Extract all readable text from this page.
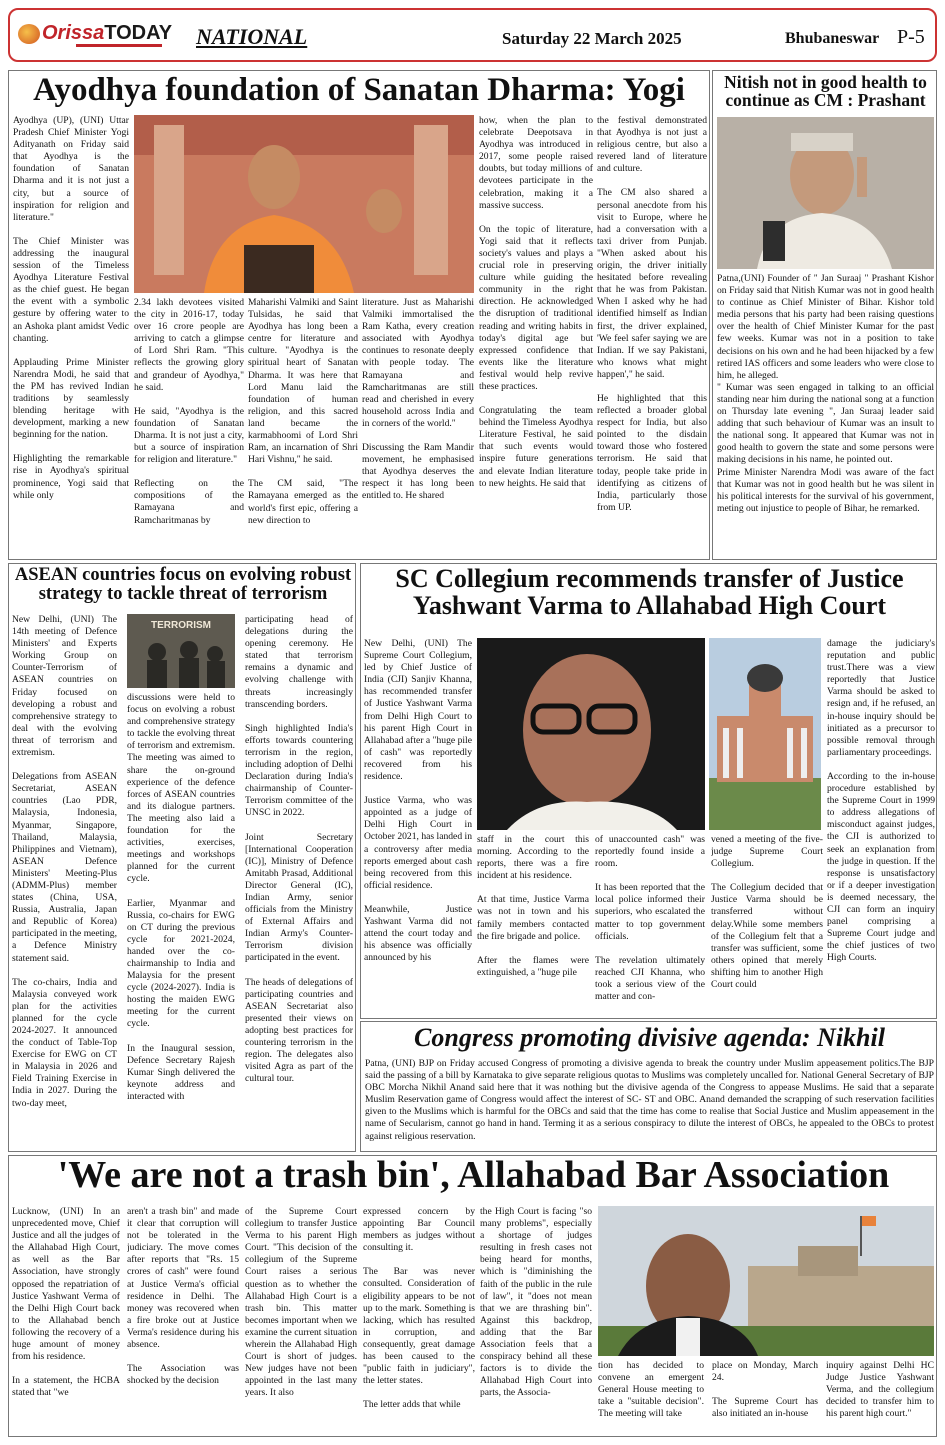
OrissaTODAY NATIONAL	Saturday 22 March 2025	Bhubaneswar P-5
Ayodhya foundation of Sanatan Dharma: Yogi

Ayodhya (UP), (UNI) Uttar Pradesh Chief Minister Yogi Adityanath on Friday said that Ayodhya is the foundation of Sanatan Dharma and it is not just a city, but a source of inspiration for religion and literature."

The Chief Minister was addressing the inaugural session of the Timeless Ayodhya Literature Festival as the chief guest. He began the event with a symbolic gesture by offering water to an Ashoka plant amidst Vedic chanting.

Applauding Prime Minister Narendra Modi, he said that the PM has revived Indian traditions by seamlessly blending heritage with development, marking a new beginning for the nation.

Highlighting the remarkable rise in Ayodhya's spiritual prominence, Yogi said that while only

2.34 lakh devotees visited the city in 2016-17, today over 16 crore people are arriving to catch a glimpse of Lord Shri Ram. "This reflects the growing glory and grandeur of Ayodhya," he said.

He said, "Ayodhya is the foundation of Sanatan Dharma. It is not just a city, but a source of inspiration for religion and literature."

Reflecting on the compositions of the Ramayana and Ramcharitmanas by

Maharishi Valmiki and Saint Tulsidas, he said that Ayodhya has long been a centre for literature and culture. "Ayodhya is the spiritual heart of Sanatan Dharma. It was here that Lord Manu laid the foundation of human religion, and this sacred land became the karmabhoomi of Lord Shri Ram, an incarnation of Shri Hari Vishnu," he said.

The CM said, "The Ramayana emerged as the world's first epic, offering a new direction to

literature. Just as Maharishi Valmiki immortalised the Ram Katha, every creation associated with Ayodhya continues to resonate deeply with people today. The Ramayana and Ramcharitmanas are still read and cherished in every household across India and in corners of the world."

Discussing the Ram Mandir movement, he emphasised that Ayodhya deserves the respect it has long been entitled to. He shared

how, when the plan to celebrate Deepotsava in Ayodhya was introduced in 2017, some people raised doubts, but today millions of devotees participate in the celebration, making it a massive success.

On the topic of literature, Yogi said that it reflects society's values and plays a crucial role in preserving culture while guiding the community in the right direction. He acknowledged the disruption of traditional reading and writing habits in today's digital age but expressed confidence that events like the literature festival would help revive these practices.

Congratulating the team behind the Timeless Ayodhya Literature Festival, he said that such events would inspire future generations and elevate Indian literature to new heights. He said that

the festival demonstrated that Ayodhya is not just a religious centre, but also a revered land of literature and culture.

The CM also shared a personal anecdote from his visit to Europe, where he had a conversation with a taxi driver from Punjab. "When asked about his origin, the driver initially hesitated before revealing that he was from Pakistan. When I asked why he had identified himself as Indian first, the driver explained, 'We feel safer saying we are Indian. If we say Pakistani, who knows what might happen'," he said.

He highlighted that this reflected a broader global respect for India, but also pointed to the disdain toward those who fostered terrorism. He said that today, people take pride in identifying as citizens of India, particularly those from UP.

Nitish not in good health to continue as CM : Prashant

Patna,(UNI) Founder of " Jan Suraaj " Prashant Kishor on Friday said that Nitish Kumar was not in good health to continue as Chief Minister of Bihar. Kishor told media persons that his party had been raising questions over the health of Chief Minister Kumar for the past few weeks. Kumar was not in a position to take decisions on his own and he had been hijacked by a few retired IAS officers and some leaders who were close to him, he alleged.

" Kumar was seen engaged in talking to an official standing near him during the national song at a function on Thursday late evening ", Jan Suraaj leader said adding that such behaviour of Kumar was an insult to the national song. It appeared that Kumar was not in good health to govern the state and some persons were making decisions in his name, he pointed out.

Prime Minister Narendra Modi was aware of the fact that Kumar was not in good health but he was silent in his political interests for the survival of his government, meting out injustice to people of Bihar, he remarked.

ASEAN countries focus on evolving robust strategy to tackle threat of terrorism

New Delhi, (UNI) The 14th meeting of Defence Ministers' and Experts Working Group on Counter-Terrorism of ASEAN countries on Friday focused on developing a robust and comprehensive strategy to deal with the evolving threat of terrorism and extremism.

Delegations from ASEAN Secretariat, ASEAN countries (Lao PDR, Malaysia, Indonesia, Myanmar, Singapore, Thailand, Malaysia, Philippines and Vietnam), ASEAN Defence Ministers' Meeting-Plus (ADMM-Plus) member states (China, USA, Russia, Australia, Japan and Republic of Korea) participated in the meeting, a Defence Ministry statement said.

The co-chairs, India and Malaysia conveyed work plan for the activities planned for the cycle 2024-2027. It announced the conduct of Table-Top Exercise for EWG on CT in Malaysia in 2026 and Field Training Exercise in India in 2027. During the two-day meet,

TERRORISM

discussions were held to focus on evolving a robust and comprehensive strategy to tackle the evolving threat of terrorism and extremism. The meeting was aimed to share the on-ground experience of the defence forces of ASEAN countries and its dialogue partners. The meeting also laid a foundation for the activities, exercises, meetings and workshops planned for the current cycle.

Earlier, Myanmar and Russia, co-chairs for EWG on CT during the previous cycle for 2021-2024, handed over the co-chairmanship to India and Malaysia for the present cycle (2024-2027). India is hosting the maiden EWG meeting for the current cycle.

In the Inaugural session, Defence Secretary Rajesh Kumar Singh delivered the keynote address and interacted with

participating head of delegations during the opening ceremony. He stated that terrorism remains a dynamic and evolving challenge with threats increasingly transcending borders.

Singh highlighted India's efforts towards countering terrorism in the region, including adoption of Delhi Declaration during India's chairmanship of Counter-Terrorism committee of the UNSC in 2022.

Joint Secretary [International Cooperation (IC)], Ministry of Defence Amitabh Prasad, Additional Director General (IC), Indian Army, senior officials from the Ministry of External Affairs and Indian Army's Counter-Terrorism division participated in the event.

The heads of delegations of participating countries and ASEAN Secretariat also presented their views on adopting best practices for countering terrorism in the region. The delegates also visited Agra as part of the cultural tour.

SC Collegium recommends transfer of Justice Yashwant Varma to Allahabad High Court

New Delhi, (UNI) The Supreme Court Collegium, led by Chief Justice of India (CJI) Sanjiv Khanna, has recommended transfer of Justice Yashwant Varma from Delhi High Court to his parent High Court in Allahabad after a "huge pile of cash" was reportedly recovered from his residence.

Justice Varma, who was appointed as a judge of Delhi High Court in October 2021, has landed in a controversy after media reports emerged about cash being recovered from this official residence.

Meanwhile, Justice Yashwant Varma did not attend the court today and his absence was officially announced by his

staff in the court this morning. According to the reports, there was a fire incident at his residence.

At that time, Justice Varma was not in town and his family members contacted the fire brigade and police.

After the flames were extinguished, a "huge pile

of unaccounted cash" was reportedly found inside a room.

It has been reported that the local police informed their superiors, who escalated the matter to top government officials.

The revelation ultimately reached CJI Khanna, who took a serious view of the matter and con-

vened a meeting of the five-judge Supreme Court Collegium.

The Collegium decided that Justice Varma should be transferred without delay.While some members of the Collegium felt that a transfer was sufficient, some others opined that merely shifting him to another High Court could

damage the judiciary's reputation and public trust.There was a view reportedly that Justice Varma should be asked to resign and, if he refused, an in-house inquiry should be initiated as a precursor to possible removal through parliamentary proceedings.

According to the in-house procedure established by the Supreme Court in 1999 to address allegations of misconduct against judges, the CJI is authorized to seek an explanation from the judge in question. If the response is unsatisfactory or if a deeper investigation is deemed necessary, the CJI can form an inquiry panel comprising a Supreme Court judge and the chief justices of two High Courts.

Congress promoting divisive agenda: Nikhil

Patna, (UNI) BJP on Friday accused Congress of promoting a divisive agenda to break the country under Muslim appeasement politics.The BJP said the passing of a bill by Karnataka to give separate religious quotas to Muslims was completely uncalled for. National General Secretary of BJP OBC Morcha Nikhil Anand said here that it was nothing but the divisive agenda of the Congress to appease Muslims. He said that a separate Muslim Reservation game of Congress would affect the interest of SC- ST and OBC. Anand demanded the scrapping of such reservation facilities given to the Muslims which is harmful for the OBCs and said that the time has come to realise that Social Justice and Muslim appeasement in the name of Secularism, cannot go hand in hand. Terming it as a serious conspiracy to dilute the interest of OBCs, he appealed to the OBCs to protest against religious reservation.

'We are not a trash bin', Allahabad Bar Association

Lucknow, (UNI) In an unprecedented move, Chief Justice and all the judges of the Allahabad High Court, as well as the Bar Association, have strongly opposed the repatriation of Justice Yashwant Verma of the Delhi High Court back to the Allahabad bench following the recovery of a huge amount of money from his residence.

In a statement, the HCBA stated that "we

aren't a trash bin" and made it clear that corruption will not be tolerated in the judiciary. The move comes after reports that "Rs. 15 crores of cash" were found at Justice Verma's official residence in Delhi. The money was recovered when a fire broke out at Justice Verma's residence during his absence.

The Association was shocked by the decision

of the Supreme Court collegium to transfer Justice Verma to his parent High Court. "This decision of the collegium of the Supreme Court raises a serious question as to whether the Allahabad High Court is a trash bin. This matter becomes important when we examine the current situation wherein the Allahabad High Court is short of judges. New judges have not been appointed in the last many years. It also

expressed concern by appointing Bar Council members as judges without consulting it.

The Bar was never consulted. Consideration of eligibility appears to be not up to the mark. Something is lacking, which has resulted in corruption, and consequently, great damage has been caused to the "public faith in judiciary", the letter states.

The letter adds that while

the High Court is facing "so many problems", especially a shortage of judges resulting in fresh cases not being heard for months, which is "diminishing the faith of the public in the rule of law", it "does not mean that we are thrashing bin". Against this backdrop, adding that the Bar Association feels that a conspiracy behind all these factors is to divide the Allahabad High Court into parts, the Associa-

tion has decided to convene an emergent General House meeting to take a "suitable decision". The meeting will take

place on Monday, March 24.

The Supreme Court has also initiated an in-house

inquiry against Delhi HC Judge Justice Yashwant Verma, and the collegium decided to transfer him to his parent high court."
